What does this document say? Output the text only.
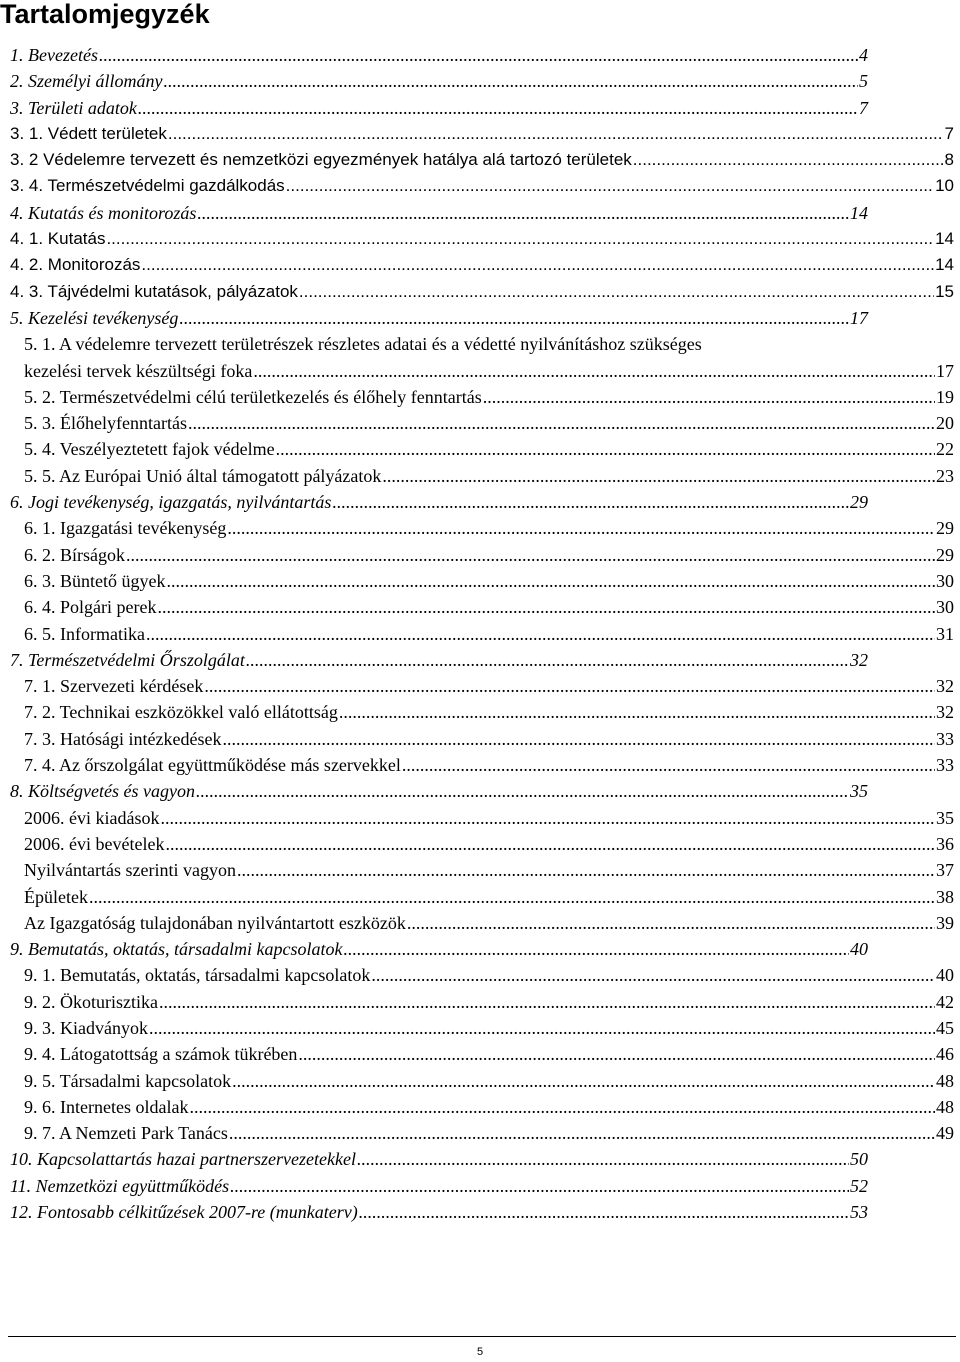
Tartalomjegyzék
1. Bevezetés .....	4
2. Személyi állomány .....	5
3. Területi adatok .....	7
3. 1. Védett területek .....	7
3. 2 Védelemre tervezett és nemzetközi egyezmények hatálya alá tartozó területek .....	8
3. 4. Természetvédelmi gazdálkodás .....	10
4. Kutatás és monitorozás .....	14
4. 1. Kutatás .....	14
4. 2. Monitorozás .....	14
4. 3. Tájvédelmi kutatások, pályázatok .....	15
5. Kezelési tevékenység .....	17
5. 1. A védelemre tervezett területrészek részletes adatai és a védetté nyilvánításhoz szükséges
kezelési tervek készültségi foka .....	17
5. 2. Természetvédelmi célú területkezelés és élőhely fenntartás .....	19
5. 3. Élőhelyfenntartás .....	20
5. 4. Veszélyeztetett fajok védelme .....	22
5. 5. Az Európai Unió által támogatott pályázatok .....	23
6. Jogi tevékenység, igazgatás, nyilvántartás .....	29
6. 1. Igazgatási tevékenység .....	29
6. 2. Bírságok .....	29
6. 3. Büntető ügyek .....	30
6. 4. Polgári perek .....	30
6. 5. Informatika .....	31
7. Természetvédelmi Őrszolgálat .....	32
7. 1. Szervezeti kérdések .....	32
7. 2. Technikai eszközökkel való ellátottság .....	32
7. 3. Hatósági intézkedések .....	33
7. 4. Az őrszolgálat együttműködése más szervekkel .....	33
8. Költségvetés és vagyon .....	35
2006. évi kiadások .....	35
2006. évi bevételek .....	36
Nyilvántartás szerinti vagyon .....	37
Épületek .....	38
Az Igazgatóság tulajdonában nyilvántartott eszközök .....	39
9. Bemutatás, oktatás, társadalmi kapcsolatok .....	40
9. 1. Bemutatás, oktatás, társadalmi kapcsolatok .....	40
9. 2. Ökoturisztika .....	42
9. 3. Kiadványok .....	45
9. 4. Látogatottság a számok tükrében .....	46
9. 5. Társadalmi kapcsolatok .....	48
9. 6. Internetes oldalak .....	48
9. 7. A Nemzeti Park Tanács .....	49
10. Kapcsolattartás hazai partnerszervezetekkel .....	50
11. Nemzetközi együttműködés .....	52
12. Fontosabb célkitűzések 2007-re (munkaterv) .....	53
5
